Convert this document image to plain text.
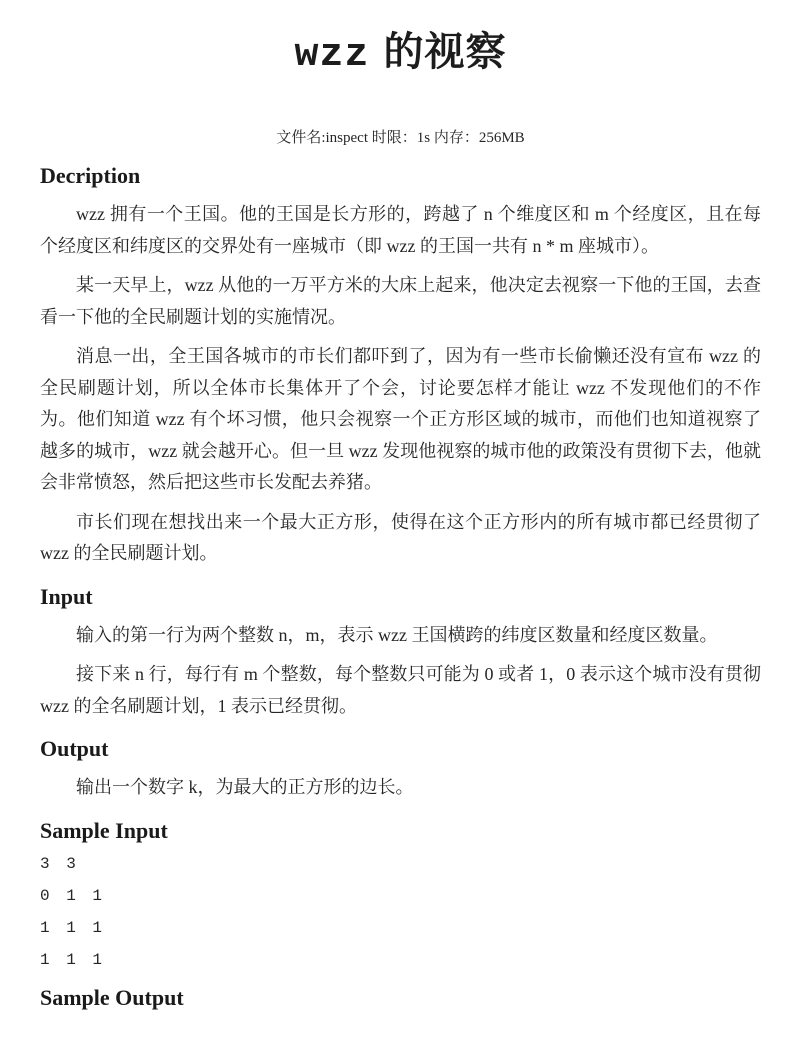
wzz 的视察

文件名:inspect 时限：1s 内存：256MB

Decription

wzz 拥有一个王国。他的王国是长方形的，跨越了 n 个维度区和 m 个经度区，且在每个经度区和纬度区的交界处有一座城市（即 wzz 的王国一共有 n * m 座城市）。

某一天早上，wzz 从他的一万平方米的大床上起来，他决定去视察一下他的王国，去查看一下他的全民刷题计划的实施情况。

消息一出，全王国各城市的市长们都吓到了，因为有一些市长偷懒还没有宣布 wzz 的全民刷题计划，所以全体市长集体开了个会，讨论要怎样才能让 wzz 不发现他们的不作为。他们知道 wzz 有个坏习惯，他只会视察一个正方形区域的城市，而他们也知道视察了越多的城市，wzz 就会越开心。但一旦 wzz 发现他视察的城市他的政策没有贯彻下去，他就会非常愤怒，然后把这些市长发配去养猪。

市长们现在想找出来一个最大正方形，使得在这个正方形内的所有城市都已经贯彻了 wzz 的全民刷题计划。

Input

输入的第一行为两个整数 n，m，表示 wzz 王国横跨的纬度区数量和经度区数量。

接下来 n 行，每行有 m 个整数，每个整数只可能为 0 或者 1，0 表示这个城市没有贯彻 wzz 的全名刷题计划，1 表示已经贯彻。

Output

输出一个数字 k，为最大的正方形的边长。

Sample Input

3 3

0 1 1

1 1 1

1 1 1

Sample Output
